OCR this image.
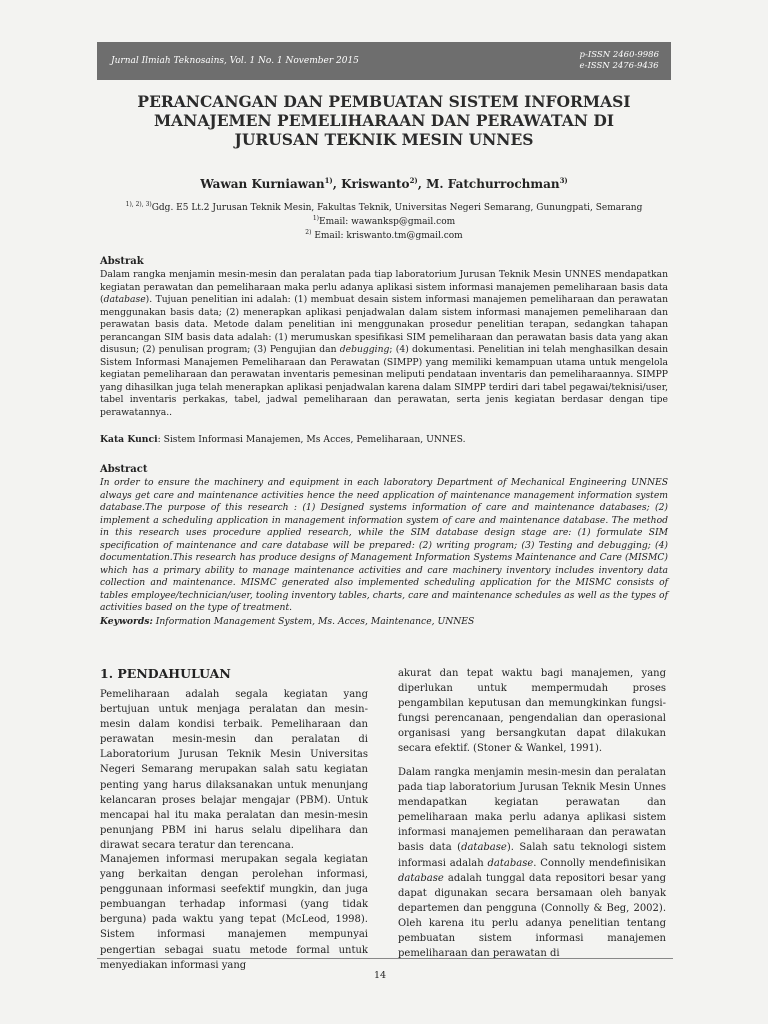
Jurnal Ilmiah Teknosains, Vol. 1 No. 1 November 2015
p-ISSN 2460-9986
e-ISSN 2476-9436
PERANCANGAN DAN PEMBUATAN SISTEM INFORMASI MANAJEMEN PEMELIHARAAN DAN PERAWATAN DI JURUSAN TEKNIK MESIN UNNES
Wawan Kurniawan$^{1)}$, Kriswanto$^{2)}$, M. Fatchurrochman$^{3)}$
$^{1), 2), 3)}$Gdg. E5 Lt.2 Jurusan Teknik Mesin, Fakultas Teknik, Universitas Negeri Semarang, Gunungpati, Semarang
$^{1)}$Email: wawanksp@gmail.com
$^{2)}$ Email: kriswanto.tm@gmail.com
Abstrak

Dalam rangka menjamin mesin-mesin dan peralatan pada tiap laboratorium Jurusan Teknik Mesin UNNES mendapatkan kegiatan perawatan dan pemeliharaan maka perlu adanya aplikasi sistem informasi manajemen pemeliharaan basis data (database). Tujuan penelitian ini adalah: (1) membuat desain sistem informasi manajemen pemeliharaan dan perawatan menggunakan basis data; (2) menerapkan aplikasi penjadwalan dalam sistem informasi manajemen pemeliharaan dan perawatan basis data. Metode dalam penelitian ini menggunakan prosedur penelitian terapan, sedangkan tahapan perancangan SIM basis data adalah: (1) merumuskan spesifikasi SIM pemeliharaan dan perawatan basis data yang akan disusun; (2) penulisan program; (3) Pengujian dan debugging; (4) dokumentasi. Penelitian ini telah menghasilkan desain Sistem Informasi Manajemen Pemeliharaan dan Perawatan (SIMPP) yang memiliki kemampuan utama untuk mengelola kegiatan pemeliharaan dan perawatan inventaris pemesinan meliputi pendataan inventaris dan pemeliharaannya. SIMPP yang dihasilkan juga telah menerapkan aplikasi penjadwalan karena dalam SIMPP terdiri dari tabel pegawai/teknisi/user, tabel inventaris perkakas, tabel, jadwal pemeliharaan dan perawatan, serta jenis kegiatan berdasar dengan tipe perawatannya..

Kata Kunci: Sistem Informasi Manajemen, Ms Acces, Pemeliharaan, UNNES.
Abstract

In order to ensure the machinery and equipment in each laboratory Department of Mechanical Engineering UNNES always get care and maintenance activities hence the need application of maintenance management information system database.The purpose of this research : (1) Designed systems information of care and maintenance databases; (2) implement a scheduling application in management information system of care and maintenance database. The method in this research uses procedure applied research, while the SIM database design stage are: (1) formulate SIM specification of maintenance and care database will be prepared: (2) writing program; (3) Testing and debugging; (4) documentation.This research has produce designs of Management Information Systems Maintenance and Care (MISMC) which has a primary ability to manage maintenance activities and care machinery inventory includes inventory data collection and maintenance. MISMC generated also implemented scheduling application for the MISMC consists of tables employee/technician/user, tooling inventory tables, charts, care and maintenance schedules as well as the types of activities based on the type of treatment.

Keywords: Information Management System, Ms. Acces, Maintenance, UNNES
1. PENDAHULUAN

Pemeliharaan adalah segala kegiatan yang bertujuan untuk menjaga peralatan dan mesin-mesin dalam kondisi terbaik. Pemeliharaan dan perawatan mesin-mesin dan peralatan di Laboratorium Jurusan Teknik Mesin Universitas Negeri Semarang merupakan salah satu kegiatan penting yang harus dilaksanakan untuk menunjang kelancaran proses belajar mengajar (PBM). Untuk mencapai hal itu maka peralatan dan mesin-mesin penunjang PBM ini harus selalu dipelihara dan dirawat secara teratur dan terencana.

Manajemen informasi merupakan segala kegiatan yang berkaitan dengan perolehan informasi, penggunaan informasi seefektif mungkin, dan juga pembuangan terhadap informasi (yang tidak berguna) pada waktu yang tepat (McLeod, 1998). Sistem informasi manajemen mempunyai pengertian sebagai suatu metode formal untuk menyediakan informasi yang

akurat dan tepat waktu bagi manajemen, yang diperlukan untuk mempermudah proses pengambilan keputusan dan memungkinkan fungsi-fungsi perencanaan, pengendalian dan operasional organisasi yang bersangkutan dapat dilakukan secara efektif. (Stoner & Wankel, 1991).

Dalam rangka menjamin mesin-mesin dan peralatan pada tiap laboratorium Jurusan Teknik Mesin Unnes mendapatkan kegiatan perawatan dan pemeliharaan maka perlu adanya aplikasi sistem informasi manajemen pemeliharaan dan perawatan basis data (database). Salah satu teknologi sistem informasi adalah database. Connolly mendefinisikan database adalah tunggal data repositori besar yang dapat digunakan secara bersamaan oleh banyak departemen dan pengguna (Connolly & Beg, 2002). Oleh karena itu perlu adanya penelitian tentang pembuatan sistem informasi manajemen pemeliharaan dan perawatan di

14
